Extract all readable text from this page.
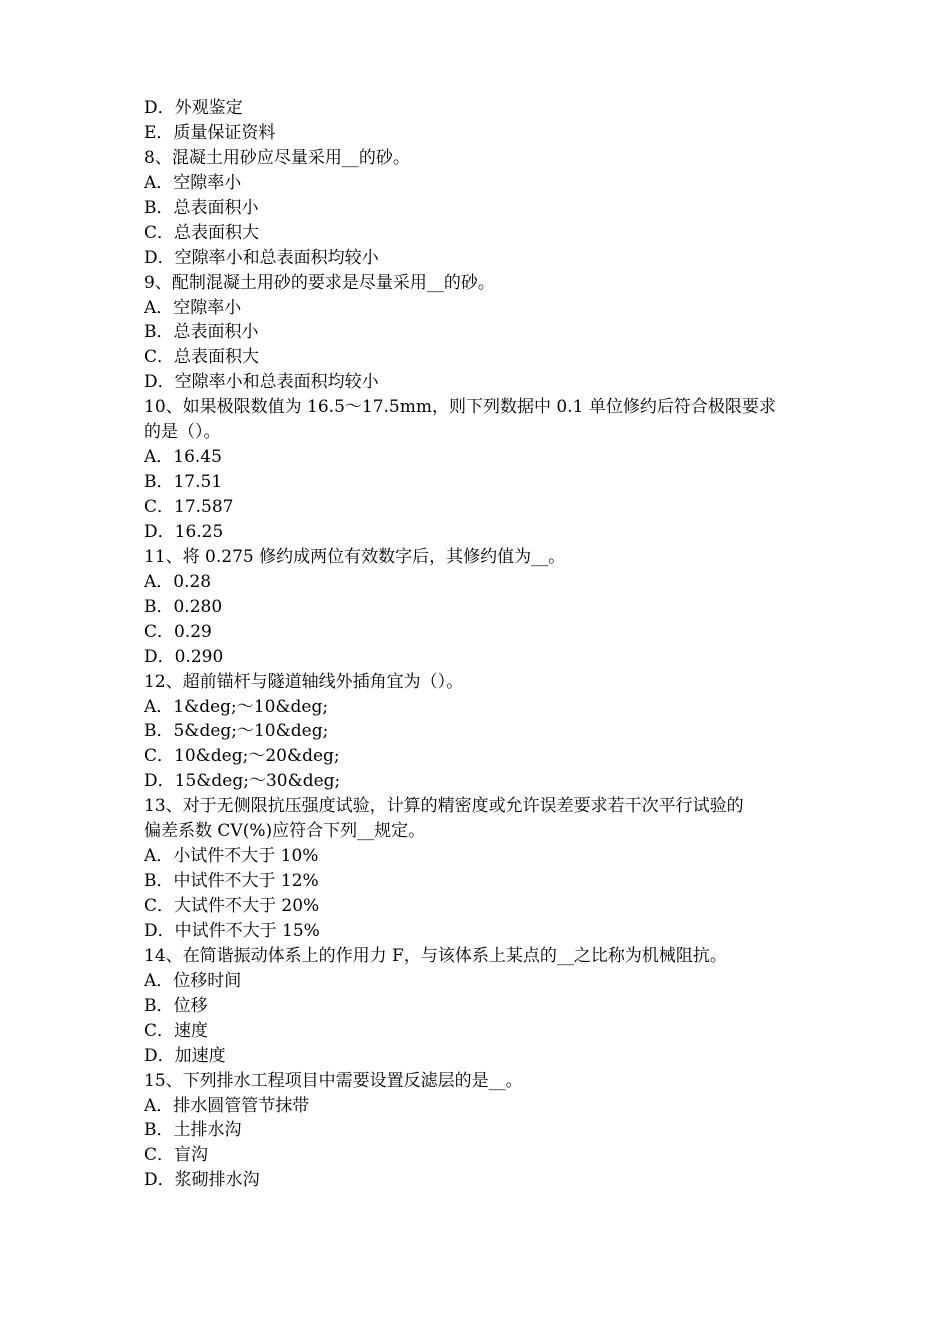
D．外观鉴定
E．质量保证资料
8、混凝土用砂应尽量采用__的砂。
A．空隙率小
B．总表面积小
C．总表面积大
D．空隙率小和总表面积均较小
9、配制混凝土用砂的要求是尽量采用__的砂。
A．空隙率小
B．总表面积小
C．总表面积大
D．空隙率小和总表面积均较小
10、如果极限数值为 16.5～17.5mm，则下列数据中 0.1 单位修约后符合极限要求
的是（）。
A．16.45
B．17.51
C．17.587
D．16.25
11、将 0.275 修约成两位有效数字后，其修约值为__。
A．0.28
B．0.280
C．0.29
D．0.290
12、超前锚杆与隧道轴线外插角宜为（）。
A．1&deg;～10&deg;
B．5&deg;～10&deg;
C．10&deg;～20&deg;
D．15&deg;～30&deg;
13、对于无侧限抗压强度试验，计算的精密度或允许误差要求若干次平行试验的
偏差系数 CV(%)应符合下列__规定。
A．小试件不大于 10%
B．中试件不大于 12%
C．大试件不大于 20%
D．中试件不大于 15%
14、在简谐振动体系上的作用力 F，与该体系上某点的__之比称为机械阻抗。
A．位移时间
B．位移
C．速度
D．加速度
15、下列排水工程项目中需要设置反滤层的是__。
A．排水圆管管节抹带
B．土排水沟
C．盲沟
D．浆砌排水沟
